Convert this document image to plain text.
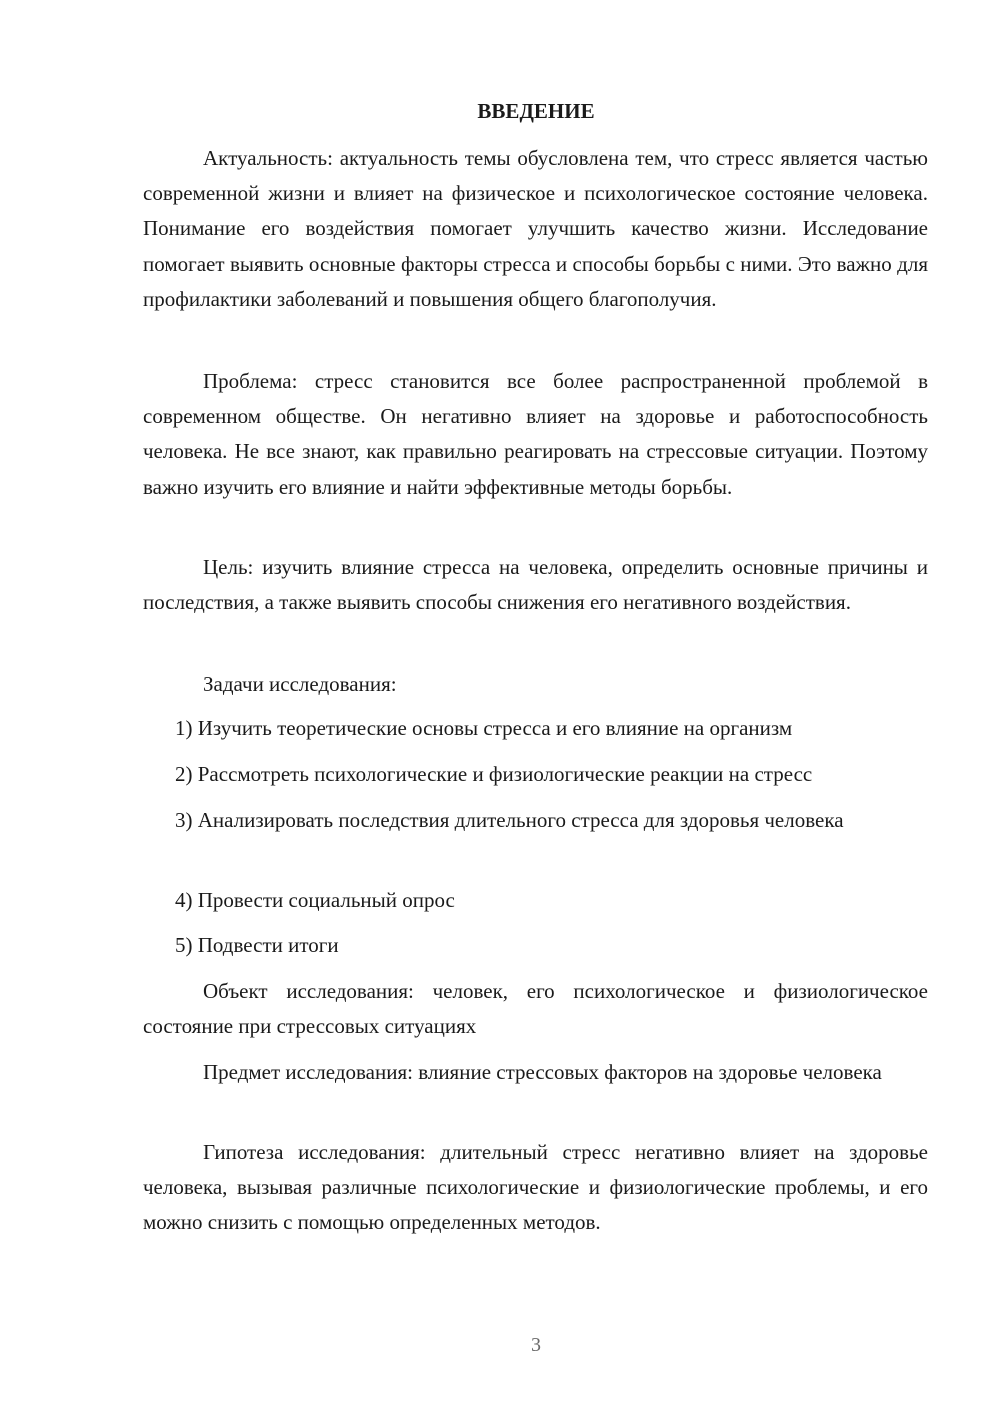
ВВЕДЕНИЕ

Актуальность: актуальность темы обусловлена тем, что стресс является частью современной жизни и влияет на физическое и психологическое состояние человека. Понимание его воздействия помогает улучшить качество жизни. Исследование помогает выявить основные факторы стресса и способы борьбы с ними. Это важно для профилактики заболеваний и повышения общего благополучия.

Проблема: стресс становится все более распространенной проблемой в современном обществе. Он негативно влияет на здоровье и работоспособность человека. Не все знают, как правильно реагировать на стрессовые ситуации. Поэтому важно изучить его влияние и найти эффективные методы борьбы.

Цель: изучить влияние стресса на человека, определить основные причины и последствия, а также выявить способы снижения его негативного воздействия.

Задачи исследования:

1) Изучить теоретические основы стресса и его влияние на организм

2) Рассмотреть психологические и физиологические реакции на стресс

3) Анализировать последствия длительного стресса для здоровья человека

4) Провести социальный опрос

5) Подвести итоги

Объект исследования: человек, его психологическое и физиологическое состояние при стрессовых ситуациях

Предмет исследования: влияние стрессовых факторов на здоровье человека

Гипотеза исследования: длительный стресс негативно влияет на здоровье человека, вызывая различные психологические и физиологические проблемы, и его можно снизить с помощью определенных методов.

3
